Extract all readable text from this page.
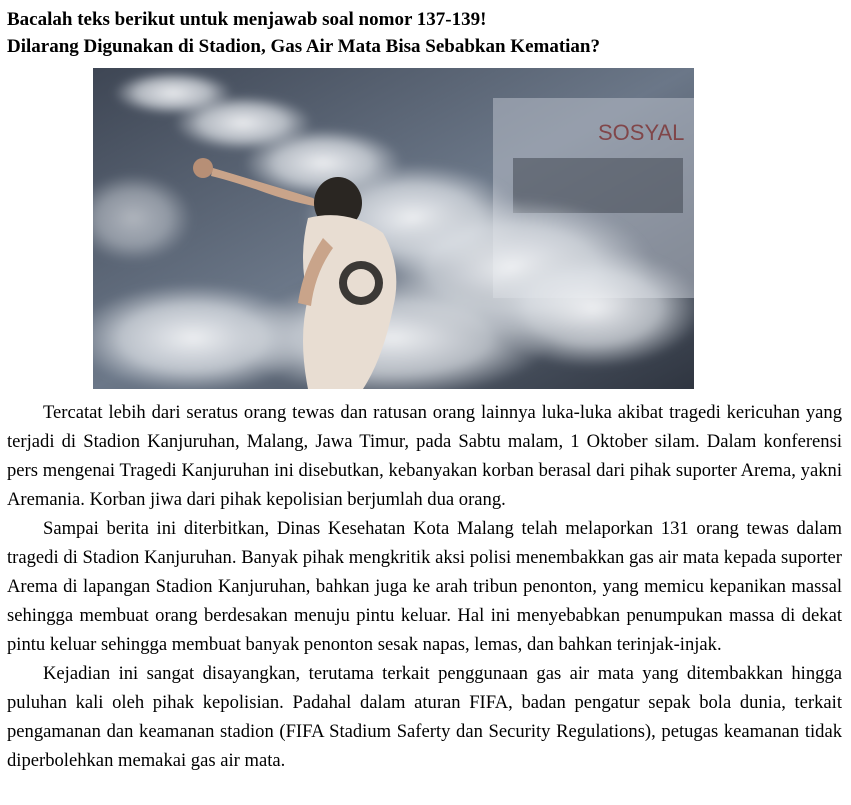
Bacalah teks berikut untuk menjawab soal nomor 137-139!

Dilarang Digunakan di Stadion, Gas Air Mata Bisa Sebabkan Kematian?

SOSYAL

Tercatat lebih dari seratus orang tewas dan ratusan orang lainnya luka-luka akibat tragedi kericuhan yang terjadi di Stadion Kanjuruhan, Malang, Jawa Timur, pada Sabtu malam, 1 Oktober silam. Dalam konferensi pers mengenai Tragedi Kanjuruhan ini disebutkan, kebanyakan korban berasal dari pihak suporter Arema, yakni Aremania. Korban jiwa dari pihak kepolisian berjumlah dua orang.

Sampai berita ini diterbitkan, Dinas Kesehatan Kota Malang telah melaporkan 131 orang tewas dalam tragedi di Stadion Kanjuruhan. Banyak pihak mengkritik aksi polisi menembakkan gas air mata kepada suporter Arema di lapangan Stadion Kanjuruhan, bahkan juga ke arah tribun penonton, yang memicu kepanikan massal sehingga membuat orang berdesakan menuju pintu keluar. Hal ini menyebabkan penumpukan massa di dekat pintu keluar sehingga membuat banyak penonton sesak napas, lemas, dan bahkan terinjak-injak.

Kejadian ini sangat disayangkan, terutama terkait penggunaan gas air mata yang ditembakkan hingga puluhan kali oleh pihak kepolisian. Padahal dalam aturan FIFA, badan pengatur sepak bola dunia, terkait pengamanan dan keamanan stadion (FIFA Stadium Saferty dan Security Regulations), petugas keamanan tidak diperbolehkan memakai gas air mata.
